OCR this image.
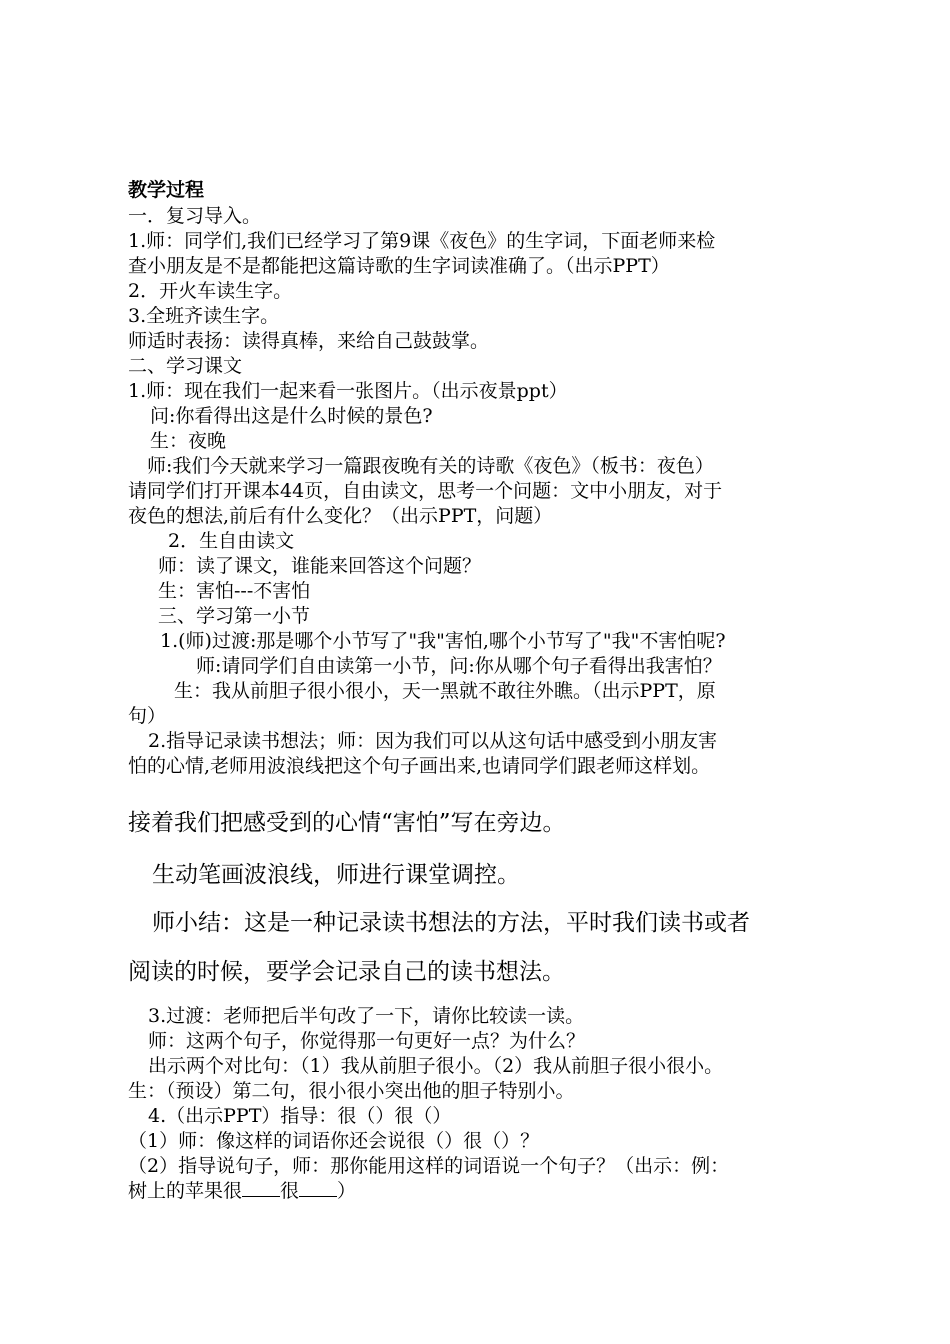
教学过程
一．复习导入。
1.师：同学们,我们已经学习了第9课《夜色》的生字词，下面老师来检
查小朋友是不是都能把这篇诗歌的生字词读准确了。（出示PPT）
2．开火车读生字。
3.全班齐读生字。
师适时表扬：读得真棒，来给自己鼓鼓掌。
二、学习课文
1.师：现在我们一起来看一张图片。（出示夜景ppt）
问:你看得出这是什么时候的景色?
生：夜晚
师:我们今天就来学习一篇跟夜晚有关的诗歌《夜色》（板书：夜色）
请同学们打开课本44页，自由读文，思考一个问题：文中小朋友，对于
夜色的想法,前后有什么变化？（出示PPT，问题）
2．生自由读文
师：读了课文，谁能来回答这个问题？
生：害怕---不害怕
三、学习第一小节
1.(师)过渡:那是哪个小节写了"我"害怕,哪个小节写了"我"不害怕呢?
师:请同学们自由读第一小节，问:你从哪个句子看得出我害怕？
生：我从前胆子很小很小，天一黑就不敢往外瞧。（出示PPT，原
句）
2.指导记录读书想法；师：因为我们可以从这句话中感受到小朋友害
怕的心情,老师用波浪线把这个句子画出来,也请同学们跟老师这样划。
接着我们把感受到的心情“害怕”写在旁边。
生动笔画波浪线，师进行课堂调控。
师小结：这是一种记录读书想法的方法，平时我们读书或者
阅读的时候，要学会记录自己的读书想法。
3.过渡：老师把后半句改了一下，请你比较读一读。
师：这两个句子，你觉得那一句更好一点？为什么？
出示两个对比句：（1）我从前胆子很小。（2）我从前胆子很小很小。
生：（预设）第二句，很小很小突出他的胆子特别小。
4.（出示PPT）指导：很（）很（）
（1）师：像这样的词语你还会说很（）很（）？
（2）指导说句子，师：那你能用这样的词语说一个句子？（出示：例：
树上的苹果很 很 ）
